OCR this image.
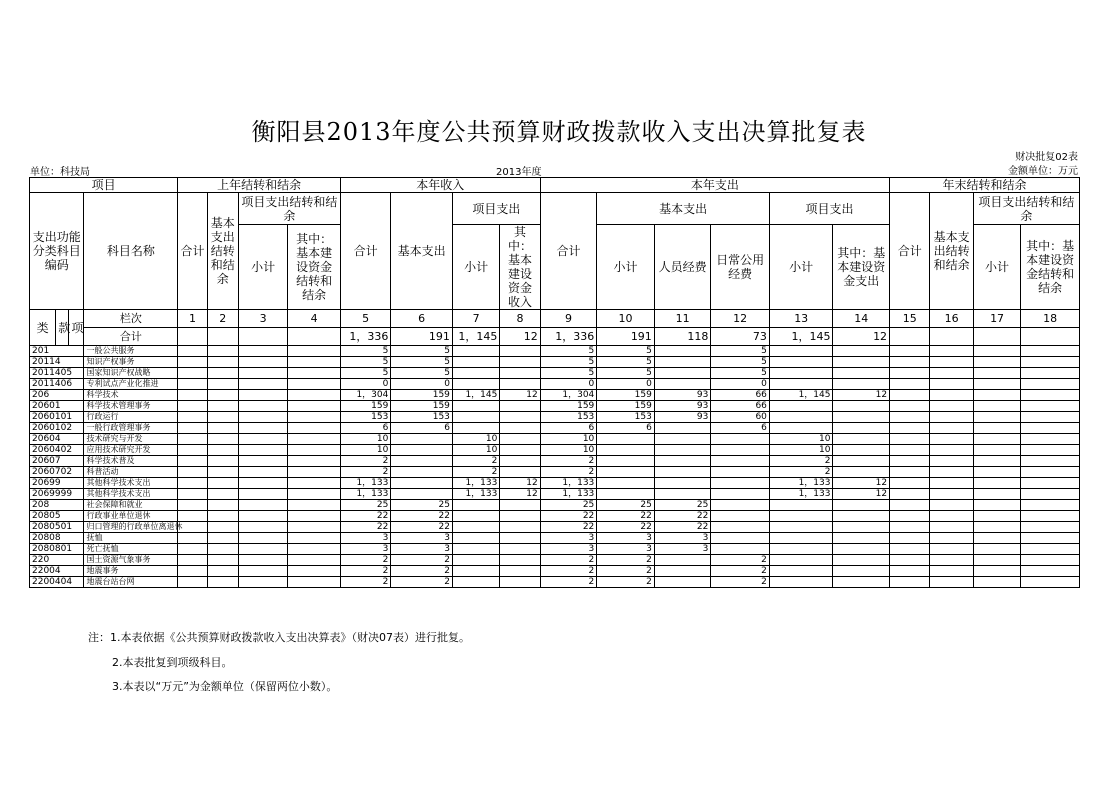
衡阳县2013年度公共预算财政拨款收入支出决算批复表
财决批复02表
金额单位：万元
单位：科技局	2013年度
项目				上年结转和结余				本年收入				本年支出						年末结转和结余			
支出功能分类科目编码			科目名称	合计	基本支出结转和结余	项目支出结转和结余		合计	基本支出	项目支出		合计	基本支出			项目支出		合计	基本支出结转和结余	项目支出结转和结余	
						小计	其中：基本建设资金结转和结余			小计	其中：基本建设资金收入		小计	人员经费	日常公用经费	小计	其中：基本建设资金支出			小计	其中：基本建设资金结转和结余
类	款	项	栏次	1	2	3	4	5	6	7	8	9	10	11	12	13	14	15	16	17	18
			合计					1，336	191	1，145	12	1，336	191	118	73	1，145	12				
201			一般公共服务					5	5			5	5		5						
20114			知识产权事务					5	5			5	5		5						
2011405			国家知识产权战略					5	5			5	5		5						
2011406			专利试点产业化推进					0	0			0	0		0						
206			科学技术					1，304	159	1，145	12	1，304	159	93	66	1，145	12				
20601			科学技术管理事务					159	159			159	159	93	66						
2060101			行政运行					153	153			153	153	93	60						
2060102			一般行政管理事务					6	6			6	6		6						
20604			技术研究与开发					10		10		10				10					
2060402			应用技术研究开发					10		10		10				10					
20607			科学技术普及					2		2		2				2					
2060702			科普活动					2		2		2				2					
20699			其他科学技术支出					1，133		1，133	12	1，133				1，133	12				
2069999			其他科学技术支出					1，133		1，133	12	1，133				1，133	12				
208			社会保障和就业					25	25			25	25	25							
20805			行政事业单位退休					22	22			22	22	22							
2080501			归口管理的行政单位离退休					22	22			22	22	22							
20808			抚恤					3	3			3	3	3							
2080801			死亡抚恤					3	3			3	3	3							
220			国土资源气象事务					2	2			2	2		2						
22004			地震事务					2	2			2	2		2						
2200404			地震台站台网					2	2			2	2		2						
注：1.本表依据《公共预算财政拨款收入支出决算表》（财决07表）进行批复。
2.本表批复到项级科目。
3.本表以“万元”为金额单位（保留两位小数）。
